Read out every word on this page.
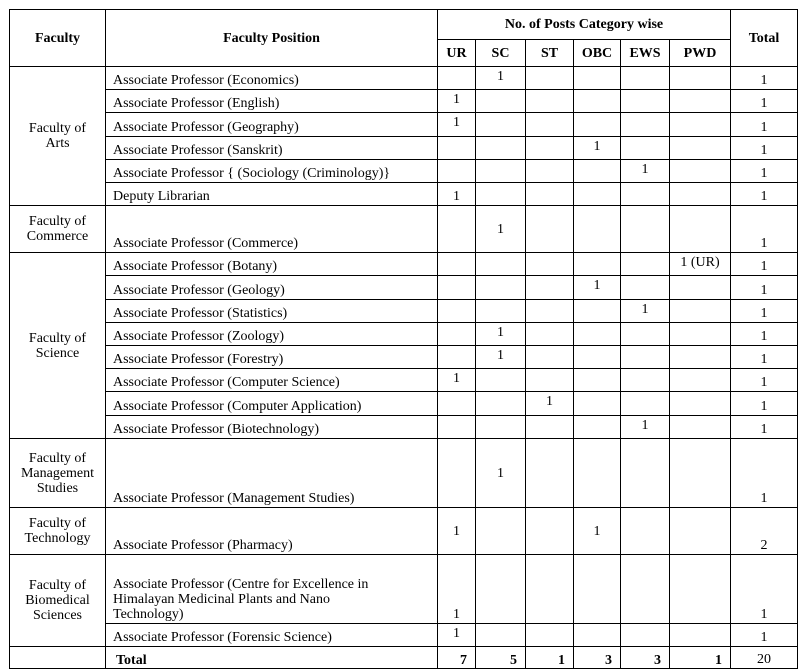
Faculty	Faculty Position	No. of Posts Category wise						Total
		UR	SC	ST	OBC	EWS	PWD	
Faculty of Arts	Associate Professor (Economics)		1					1
	Associate Professor (English)	1						1
	Associate Professor (Geography)	1						1
	Associate Professor (Sanskrit)				1			1
	Associate Professor { (Sociology (Criminology)}					1		1
	Deputy Librarian	1						1
Faculty of Commerce	Associate Professor (Commerce)		1					1
Faculty of Science	Associate Professor (Botany)						1 (UR)	1
	Associate Professor (Geology)				1			1
	Associate Professor (Statistics)					1		1
	Associate Professor (Zoology)		1					1
	Associate Professor (Forestry)		1					1
	Associate Professor (Computer Science)	1						1
	Associate Professor (Computer Application)			1				1
	Associate Professor (Biotechnology)					1		1
Faculty of Management Studies	Associate Professor (Management Studies)		1					1
Faculty of Technology	Associate Professor (Pharmacy)	1			1			2
Faculty of Biomedical Sciences	Associate Professor (Centre for Excellence in Himalayan Medicinal Plants and Nano Technology)	1						1
	Associate Professor (Forensic Science)	1						1
	Total	7	5	1	3	3	1	20
